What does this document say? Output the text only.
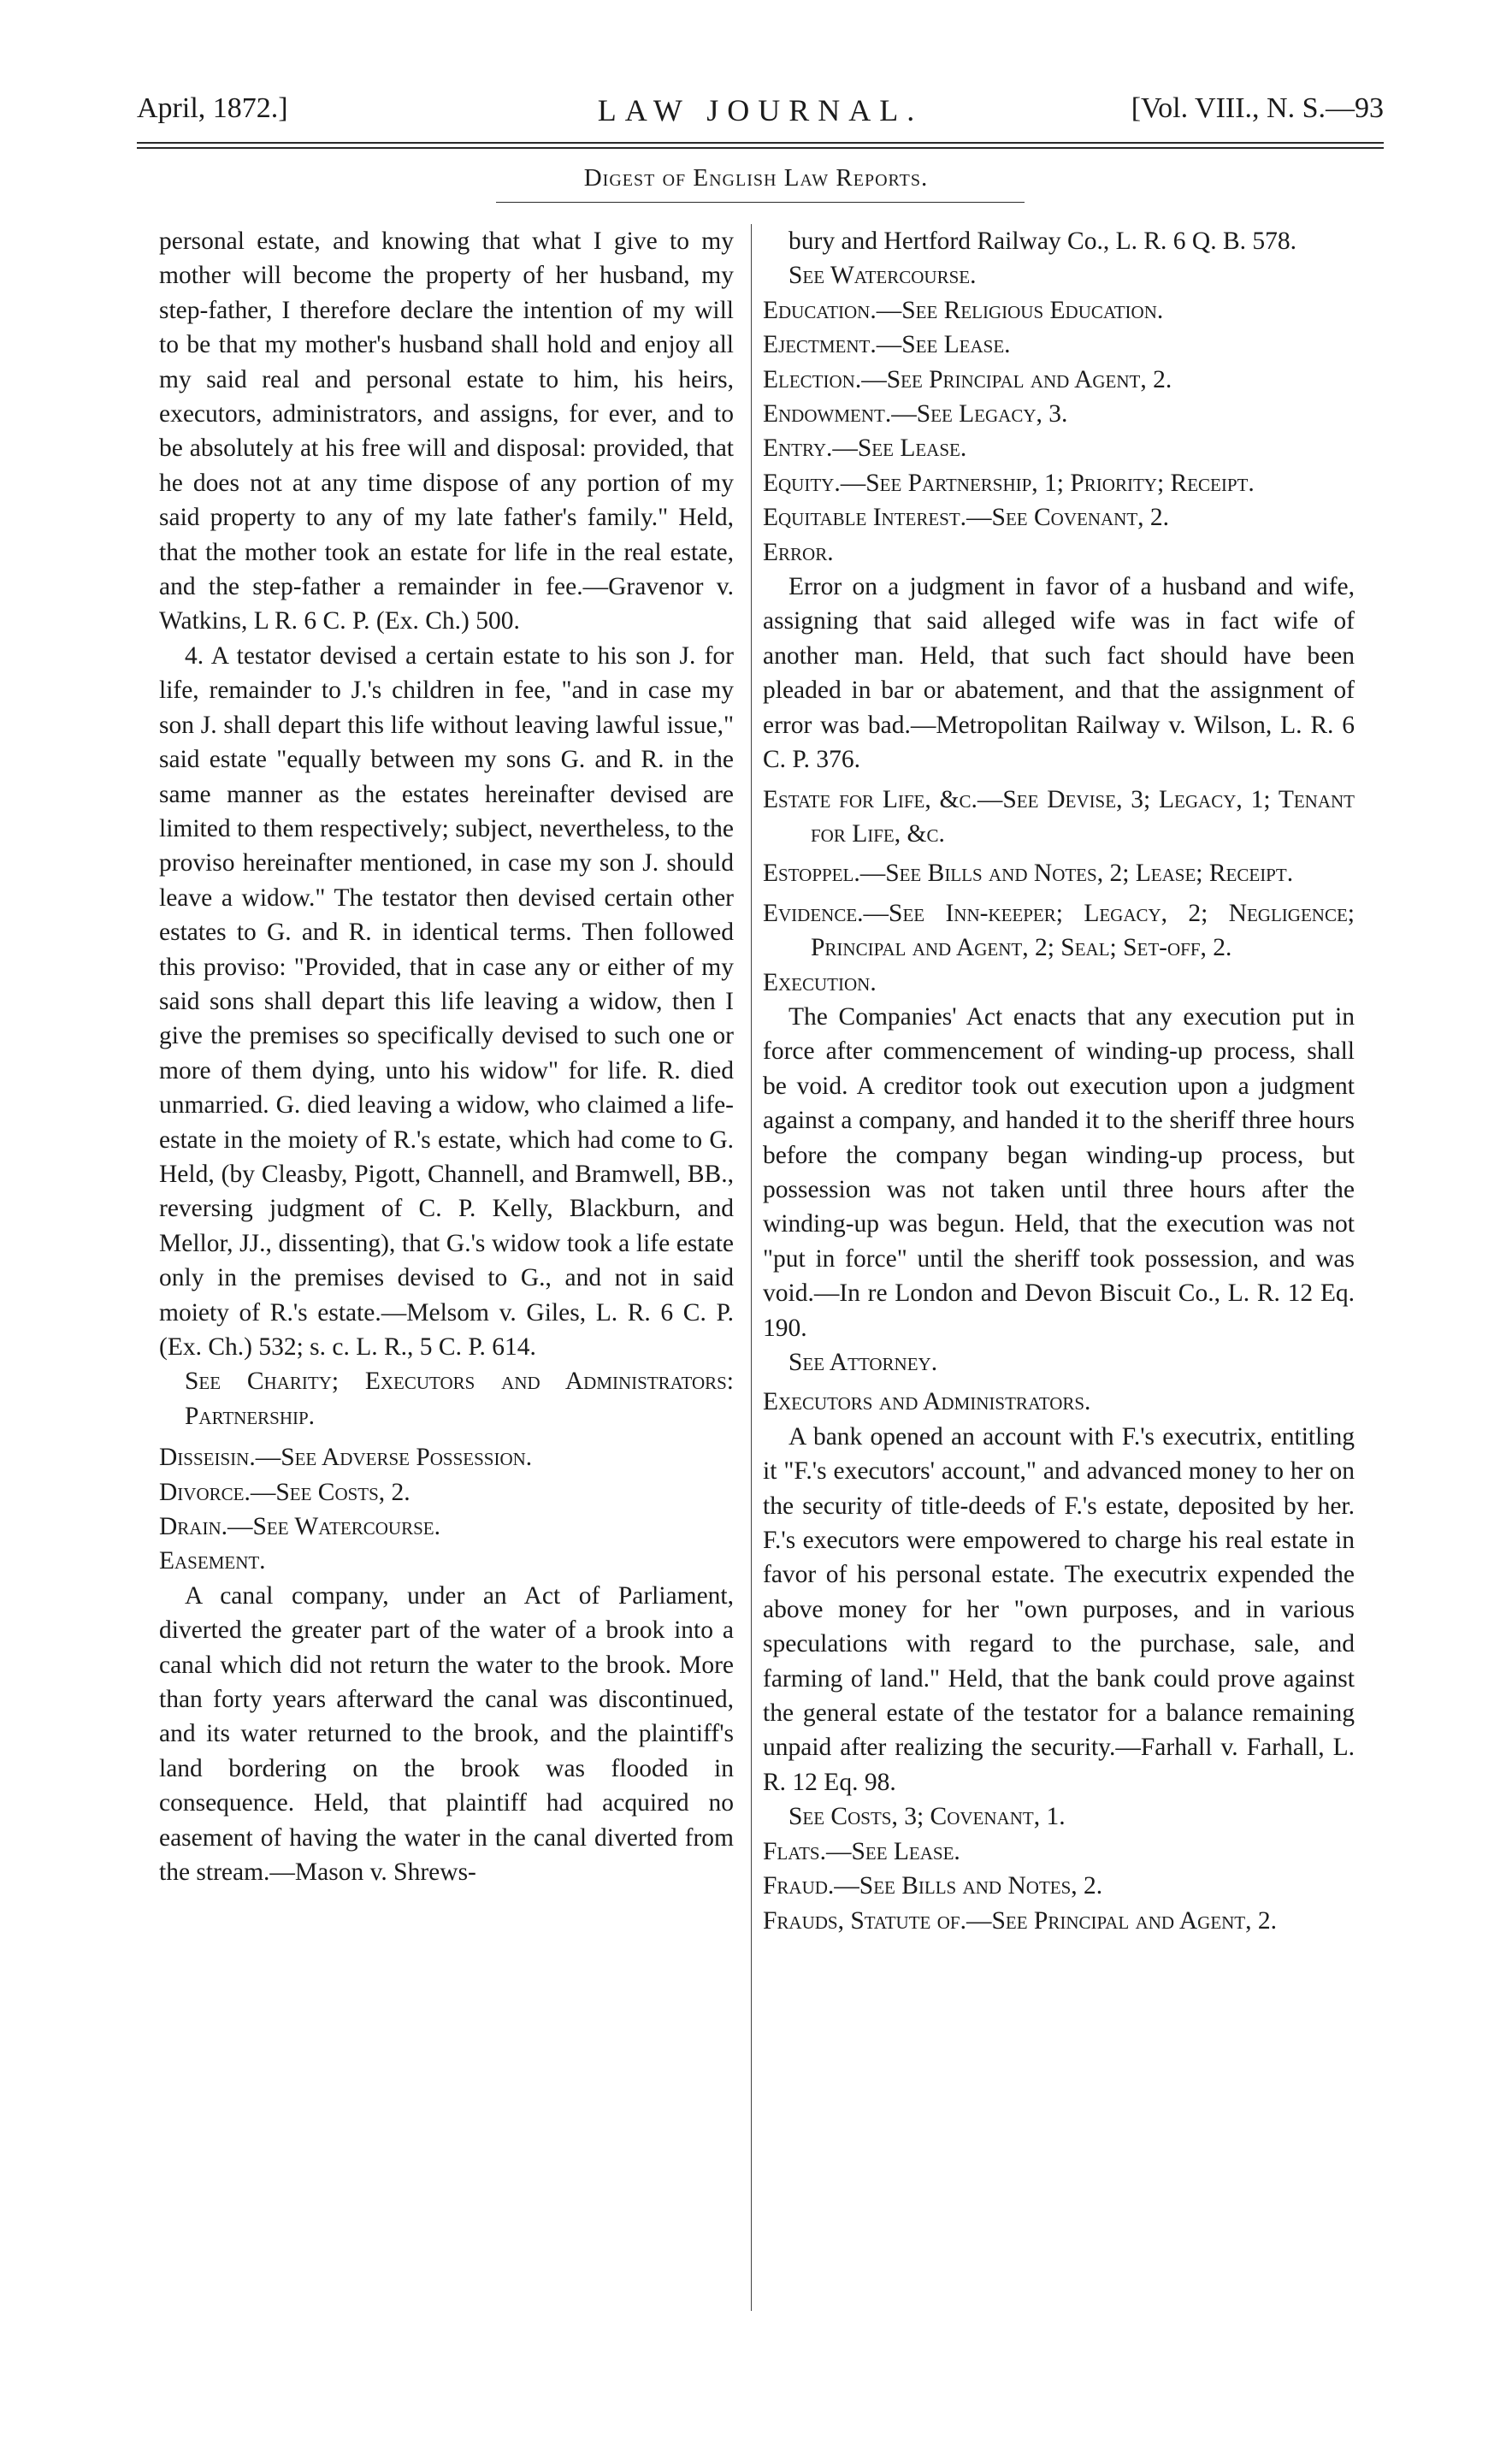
April, 1872.]	LAW JOURNAL.	[Vol. VIII., N. S.—93
Digest of English Law Reports.

personal estate, and knowing that what I give to my mother will become the property of her husband, my step-father, I therefore declare the intention of my will to be that my mother's husband shall hold and enjoy all my said real and personal estate to him, his heirs, executors, administrators, and assigns, for ever, and to be absolutely at his free will and disposal: provided, that he does not at any time dispose of any portion of my said property to any of my late father's family." Held, that the mother took an estate for life in the real estate, and the step-father a remainder in fee.—Gravenor v. Watkins, L R. 6 C. P. (Ex. Ch.) 500.

4. A testator devised a certain estate to his son J. for life, remainder to J.'s children in fee, "and in case my son J. shall depart this life without leaving lawful issue," said estate "equally between my sons G. and R. in the same manner as the estates hereinafter devised are limited to them respectively; subject, nevertheless, to the proviso hereinafter mentioned, in case my son J. should leave a widow." The testator then devised certain other estates to G. and R. in identical terms. Then followed this proviso: "Provided, that in case any or either of my said sons shall depart this life leaving a widow, then I give the premises so specifically devised to such one or more of them dying, unto his widow" for life. R. died unmarried. G. died leaving a widow, who claimed a life-estate in the moiety of R.'s estate, which had come to G. Held, (by Cleasby, Pigott, Channell, and Bramwell, BB., reversing judgment of C. P. Kelly, Blackburn, and Mellor, JJ., dissenting), that G.'s widow took a life estate only in the premises devised to G., and not in said moiety of R.'s estate.—Melsom v. Giles, L. R. 6 C. P. (Ex. Ch.) 532; s. c. L. R., 5 C. P. 614.

See Charity; Executors and Administrators: Partnership.

Disseisin.—See Adverse Possession.

Divorce.—See Costs, 2.

Drain.—See Watercourse.

Easement.

A canal company, under an Act of Parliament, diverted the greater part of the water of a brook into a canal which did not return the water to the brook. More than forty years afterward the canal was discontinued, and its water returned to the brook, and the plaintiff's land bordering on the brook was flooded in consequence. Held, that plaintiff had acquired no easement of having the water in the canal diverted from the stream.—Mason v. Shrews-

bury and Hertford Railway Co., L. R. 6 Q. B. 578.

See Watercourse.

Education.—See Religious Education.

Ejectment.—See Lease.

Election.—See Principal and Agent, 2.

Endowment.—See Legacy, 3.

Entry.—See Lease.

Equity.—See Partnership, 1; Priority; Receipt.

Equitable Interest.—See Covenant, 2.

Error.

Error on a judgment in favor of a husband and wife, assigning that said alleged wife was in fact wife of another man. Held, that such fact should have been pleaded in bar or abatement, and that the assignment of error was bad.—Metropolitan Railway v. Wilson, L. R. 6 C. P. 376.

Estate for Life, &c.—See Devise, 3; Legacy, 1; Tenant for Life, &c.

Estoppel.—See Bills and Notes, 2; Lease; Receipt.

Evidence.—See Inn-keeper; Legacy, 2; Negligence; Principal and Agent, 2; Seal; Set-off, 2.

Execution.

The Companies' Act enacts that any execution put in force after commencement of winding-up process, shall be void. A creditor took out execution upon a judgment against a company, and handed it to the sheriff three hours before the company began winding-up process, but possession was not taken until three hours after the winding-up was begun. Held, that the execution was not "put in force" until the sheriff took possession, and was void.—In re London and Devon Biscuit Co., L. R. 12 Eq. 190.

See Attorney.

Executors and Administrators.

A bank opened an account with F.'s executrix, entitling it "F.'s executors' account," and advanced money to her on the security of title-deeds of F.'s estate, deposited by her. F.'s executors were empowered to charge his real estate in favor of his personal estate. The executrix expended the above money for her "own purposes, and in various speculations with regard to the purchase, sale, and farming of land." Held, that the bank could prove against the general estate of the testator for a balance remaining unpaid after realizing the security.—Farhall v. Farhall, L. R. 12 Eq. 98.

See Costs, 3; Covenant, 1.

Flats.—See Lease.

Fraud.—See Bills and Notes, 2.

Frauds, Statute of.—See Principal and Agent, 2.
